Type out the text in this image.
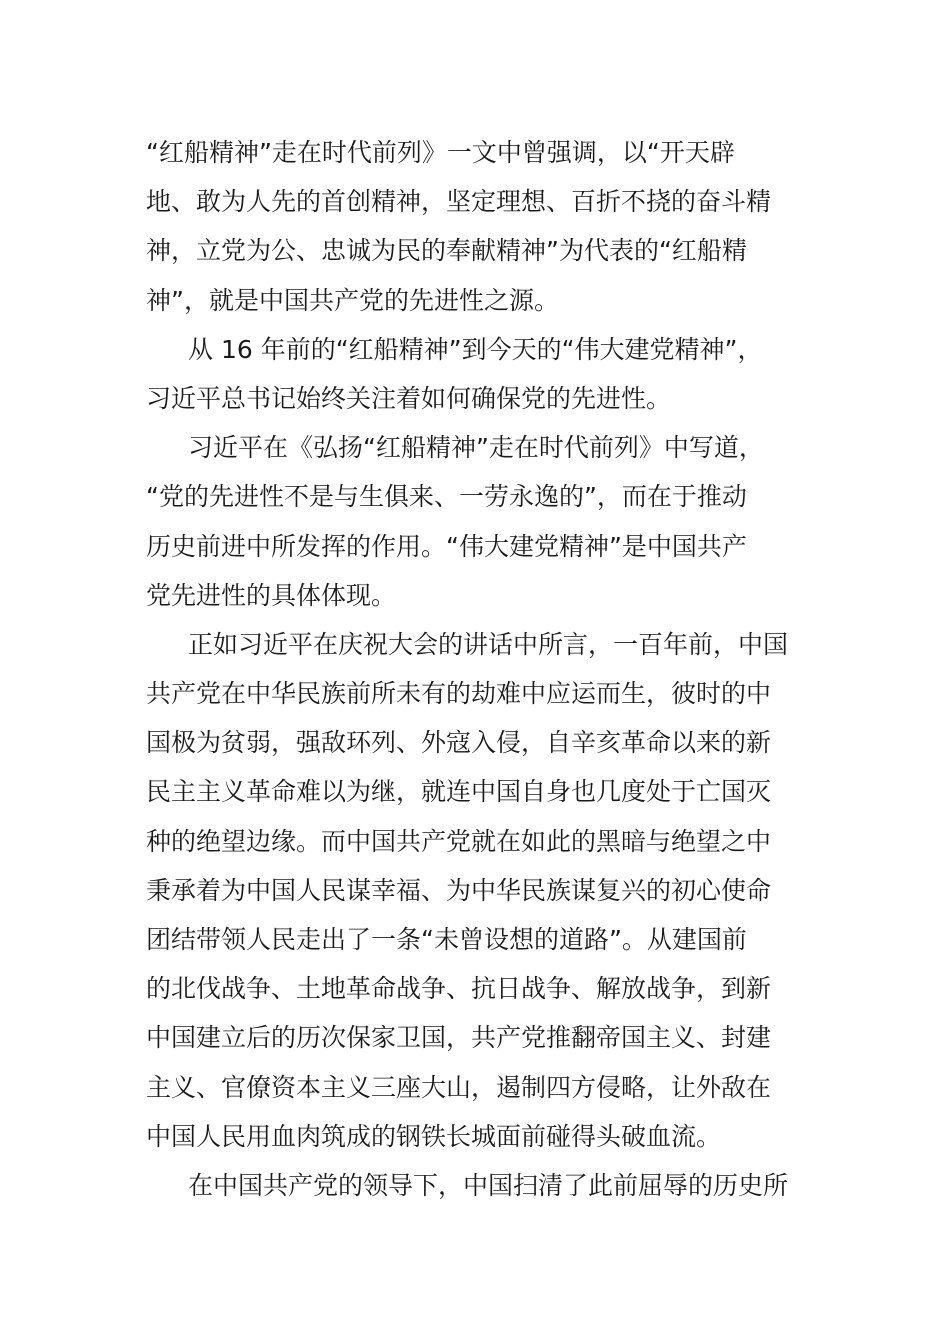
“红船精神”走在时代前列》一文中曾强调，以“开天辟
地、敢为人先的首创精神，坚定理想、百折不挠的奋斗精
神，立党为公、忠诚为民的奉献精神”为代表的“红船精
神”，就是中国共产党的先进性之源。
从 16 年前的“红船精神”到今天的“伟大建党精神”，
习近平总书记始终关注着如何确保党的先进性。
习近平在《弘扬“红船精神”走在时代前列》中写道，
“党的先进性不是与生俱来、一劳永逸的”，而在于推动
历史前进中所发挥的作用。“伟大建党精神”是中国共产
党先进性的具体体现。
正如习近平在庆祝大会的讲话中所言，一百年前，中国
共产党在中华民族前所未有的劫难中应运而生，彼时的中
国极为贫弱，强敌环列、外寇入侵，自辛亥革命以来的新
民主主义革命难以为继，就连中国自身也几度处于亡国灭
种的绝望边缘。而中国共产党就在如此的黑暗与绝望之中
秉承着为中国人民谋幸福、为中华民族谋复兴的初心使命
团结带领人民走出了一条“未曾设想的道路”。从建国前
的北伐战争、土地革命战争、抗日战争、解放战争，到新
中国建立后的历次保家卫国，共产党推翻帝国主义、封建
主义、官僚资本主义三座大山，遏制四方侵略，让外敌在
中国人民用血肉筑成的钢铁长城面前碰得头破血流。
在中国共产党的领导下，中国扫清了此前屈辱的历史所
